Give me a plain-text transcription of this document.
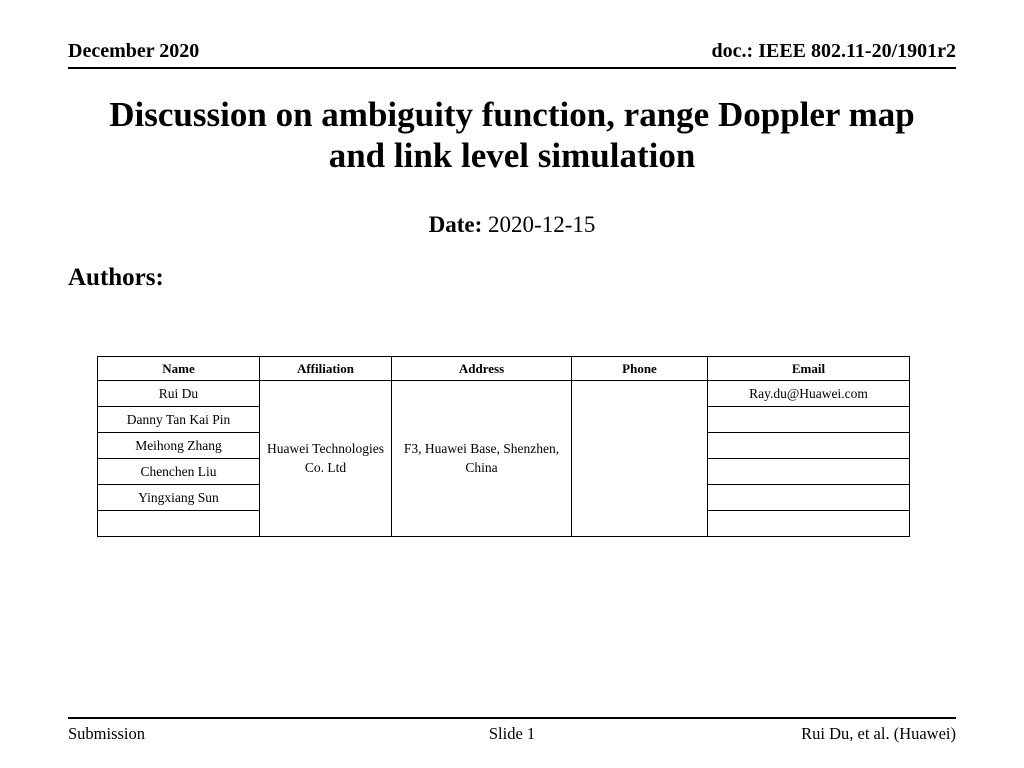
December 2020	doc.: IEEE 802.11-20/1901r2
Discussion on ambiguity function, range Doppler map and link level simulation
Date: 2020-12-15
Authors:
Name	Affiliation	Address	Phone	Email
Rui Du	Huawei Technologies Co. Ltd	F3, Huawei Base, Shenzhen, China		Ray.du@Huawei.com
Danny Tan Kai Pin				
Meihong Zhang				
Chenchen Liu				
Yingxiang Sun				

Submission	Slide 1	Rui Du, et al. (Huawei)
